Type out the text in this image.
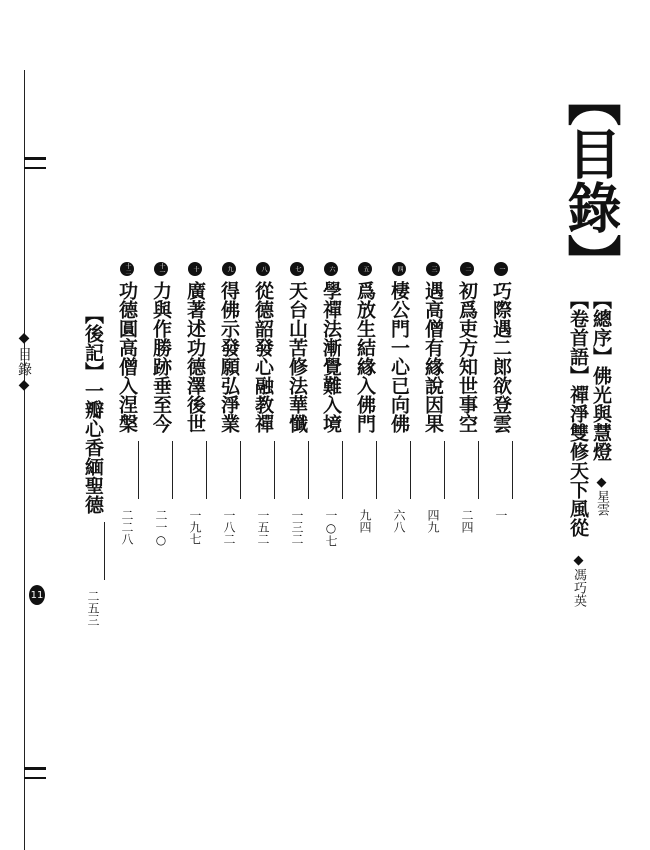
◆目錄◆
11
【目錄】
【總序】佛光與慧燈◆星雲
【卷首語】禪淨雙修天下風從◆馮巧英
一巧際遇二郎欲登雲一
二初爲吏方知世事空二四
三遇高僧有緣說因果四九
四棲公門一心已向佛六八
五爲放生結緣入佛門九四
六學禪法漸覺難入境一○七
七天台山苦修法華懺一三二
八從德韶發心融教禪一五二
九得佛示發願弘淨業一八二
十廣著述功德澤後世一九七
十一力與作勝跡垂至今二一○
十二功德圓高僧入涅槃二二八
【後記】一瓣心香緬聖德二五三
